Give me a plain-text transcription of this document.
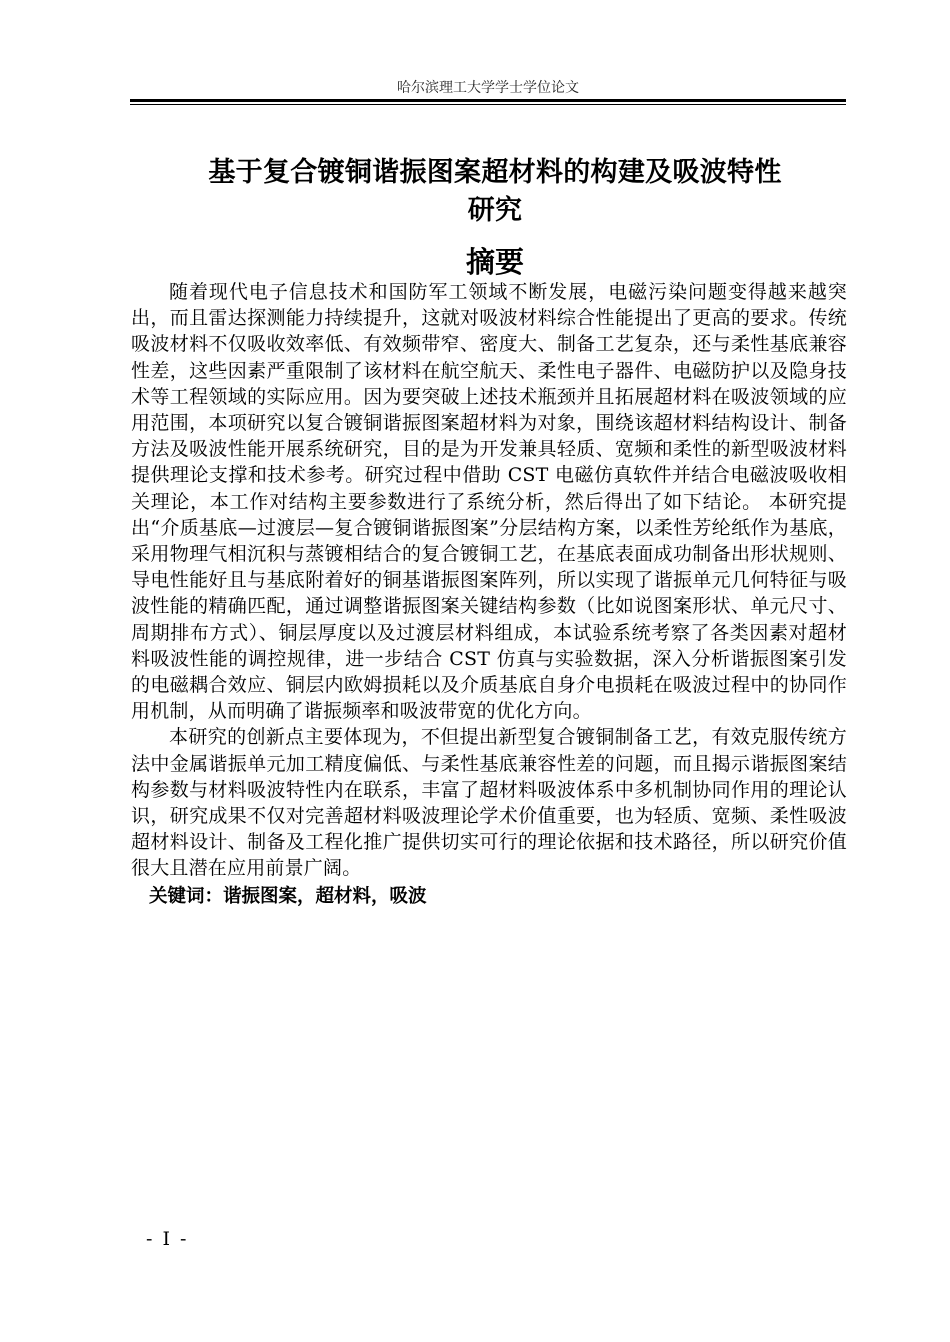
哈尔滨理工大学学士学位论文
基于复合镀铜谐振图案超材料的构建及吸波特性
研究
摘要

随着现代电子信息技术和国防军工领域不断发展，电磁污染问题变得越来越突出，而且雷达探测能力持续提升，这就对吸波材料综合性能提出了更高的要求。传统吸波材料不仅吸收效率低、有效频带窄、密度大、制备工艺复杂，还与柔性基底兼容性差，这些因素严重限制了该材料在航空航天、柔性电子器件、电磁防护以及隐身技术等工程领域的实际应用。因为要突破上述技术瓶颈并且拓展超材料在吸波领域的应用范围，本项研究以复合镀铜谐振图案超材料为对象，围绕该超材料结构设计、制备方法及吸波性能开展系统研究，目的是为开发兼具轻质、宽频和柔性的新型吸波材料提供理论支撑和技术参考。研究过程中借助 CST 电磁仿真软件并结合电磁波吸收相关理论，本工作对结构主要参数进行了系统分析，然后得出了如下结论。 本研究提出“介质基底—过渡层—复合镀铜谐振图案”分层结构方案，以柔性芳纶纸作为基底，采用物理气相沉积与蒸镀相结合的复合镀铜工艺，在基底表面成功制备出形状规则、导电性能好且与基底附着好的铜基谐振图案阵列，所以实现了谐振单元几何特征与吸波性能的精确匹配，通过调整谐振图案关键结构参数（比如说图案形状、单元尺寸、周期排布方式）、铜层厚度以及过渡层材料组成，本试验系统考察了各类因素对超材料吸波性能的调控规律，进一步结合 CST 仿真与实验数据，深入分析谐振图案引发的电磁耦合效应、铜层内欧姆损耗以及介质基底自身介电损耗在吸波过程中的协同作用机制，从而明确了谐振频率和吸波带宽的优化方向。

本研究的创新点主要体现为，不但提出新型复合镀铜制备工艺，有效克服传统方法中金属谐振单元加工精度偏低、与柔性基底兼容性差的问题，而且揭示谐振图案结构参数与材料吸波特性内在联系，丰富了超材料吸波体系中多机制协同作用的理论认识，研究成果不仅对完善超材料吸波理论学术价值重要，也为轻质、宽频、柔性吸波超材料设计、制备及工程化推广提供切实可行的理论依据和技术路径，所以研究价值很大且潜在应用前景广阔。

关键词：谐振图案，超材料，吸波
- I -
